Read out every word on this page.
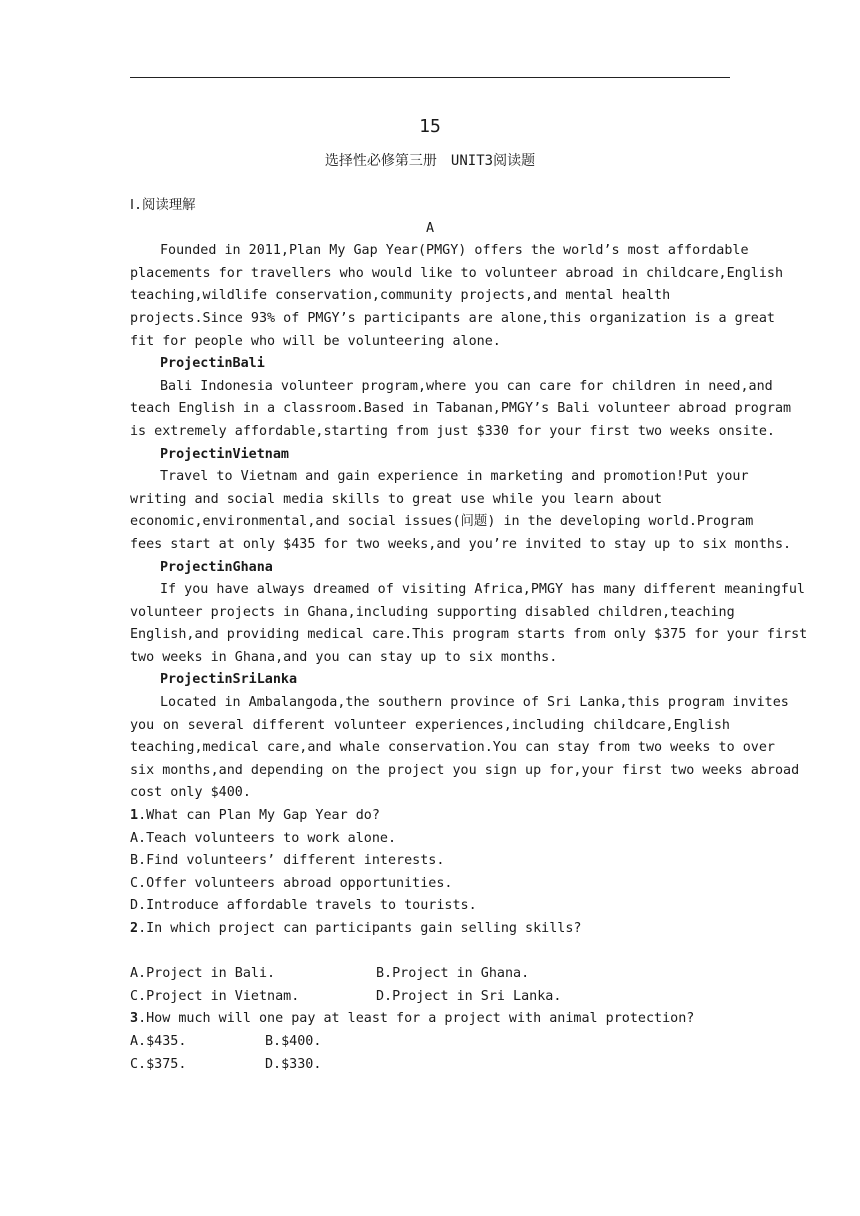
15
选择性必修第三册　UNIT3阅读题
Ⅰ.阅读理解
A
Founded in 2011,Plan My Gap Year(PMGY) offers the world’s most affordable
placements for travellers who would like to volunteer abroad in childcare,English
teaching,wildlife conservation,community projects,and mental health
projects.Since 93% of PMGY’s participants are alone,this organization is a great
fit for people who will be volunteering alone.
ProjectinBali
Bali Indonesia volunteer program,where you can care for children in need,and
teach English in a classroom.Based in Tabanan,PMGY’s Bali volunteer abroad program
is extremely affordable,starting from just $330 for your first two weeks onsite.
ProjectinVietnam
Travel to Vietnam and gain experience in marketing and promotion!Put your
writing and social media skills to great use while you learn about
economic,environmental,and social issues(问题) in the developing world.Program
fees start at only $435 for two weeks,and you’re invited to stay up to six months.
ProjectinGhana
If you have always dreamed of visiting Africa,PMGY has many different meaningful
volunteer projects in Ghana,including supporting disabled children,teaching
English,and providing medical care.This program starts from only $375 for your first
two weeks in Ghana,and you can stay up to six months.
ProjectinSriLanka
Located in Ambalangoda,the southern province of Sri Lanka,this program invites
you on several different volunteer experiences,including childcare,English
teaching,medical care,and whale conservation.You can stay from two weeks to over
six months,and depending on the project you sign up for,your first two weeks abroad
cost only $400.
1.What can Plan My Gap Year do?
A.Teach volunteers to work alone.
B.Find volunteers’ different interests.
C.Offer volunteers abroad opportunities.
D.Introduce affordable travels to tourists.
2.In which project can participants gain selling skills?
A.Project in Bali.	B.Project in Ghana.
C.Project in Vietnam.	D.Project in Sri Lanka.
3.How much will one pay at least for a project with animal protection?
A.$435.	B.$400.
C.$375.	D.$330.
